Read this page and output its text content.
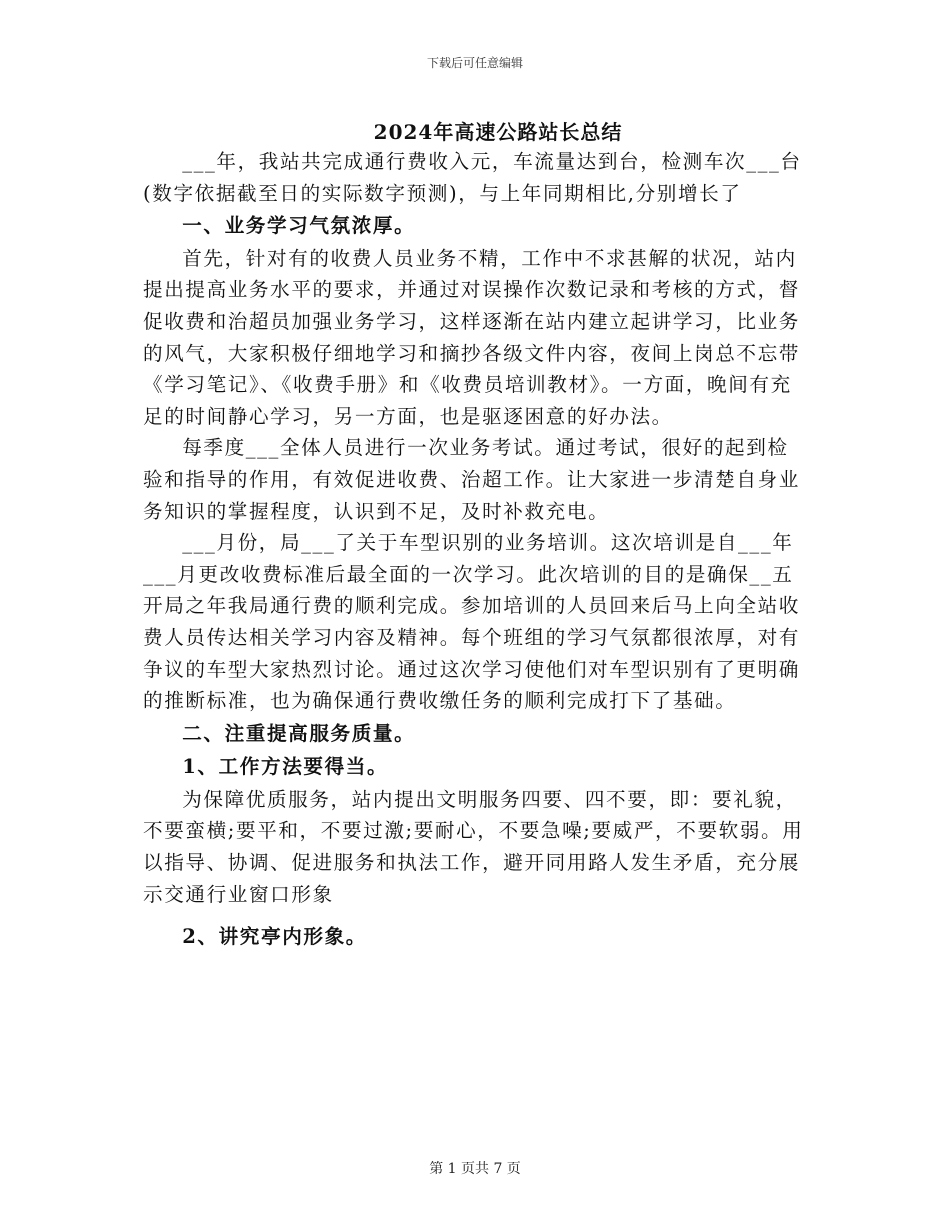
下载后可任意编辑
2024年高速公路站长总结

___年，我站共完成通行费收入元，车流量达到台，检测车次___台(数字依据截至日的实际数字预测)，与上年同期相比,分别增长了

一、业务学习气氛浓厚。

首先，针对有的收费人员业务不精，工作中不求甚解的状况，站内提出提高业务水平的要求，并通过对误操作次数记录和考核的方式，督促收费和治超员加强业务学习，这样逐渐在站内建立起讲学习，比业务的风气，大家积极仔细地学习和摘抄各级文件内容，夜间上岗总不忘带《学习笔记》、《收费手册》和《收费员培训教材》。一方面，晚间有充足的时间静心学习，另一方面，也是驱逐困意的好办法。

每季度___全体人员进行一次业务考试。通过考试，很好的起到检验和指导的作用，有效促进收费、治超工作。让大家进一步清楚自身业务知识的掌握程度，认识到不足，及时补救充电。

___月份，局___了关于车型识别的业务培训。这次培训是自___年___月更改收费标准后最全面的一次学习。此次培训的目的是确保__五开局之年我局通行费的顺利完成。参加培训的人员回来后马上向全站收费人员传达相关学习内容及精神。每个班组的学习气氛都很浓厚，对有争议的车型大家热烈讨论。通过这次学习使他们对车型识别有了更明确的推断标准，也为确保通行费收缴任务的顺利完成打下了基础。

二、注重提高服务质量。

1、工作方法要得当。

为保障优质服务，站内提出文明服务四要、四不要，即：要礼貌，不要蛮横;要平和，不要过激;要耐心，不要急噪;要威严，不要软弱。用以指导、协调、促进服务和执法工作，避开同用路人发生矛盾，充分展示交通行业窗口形象

2、讲究亭内形象。

第 1 页共 7 页
